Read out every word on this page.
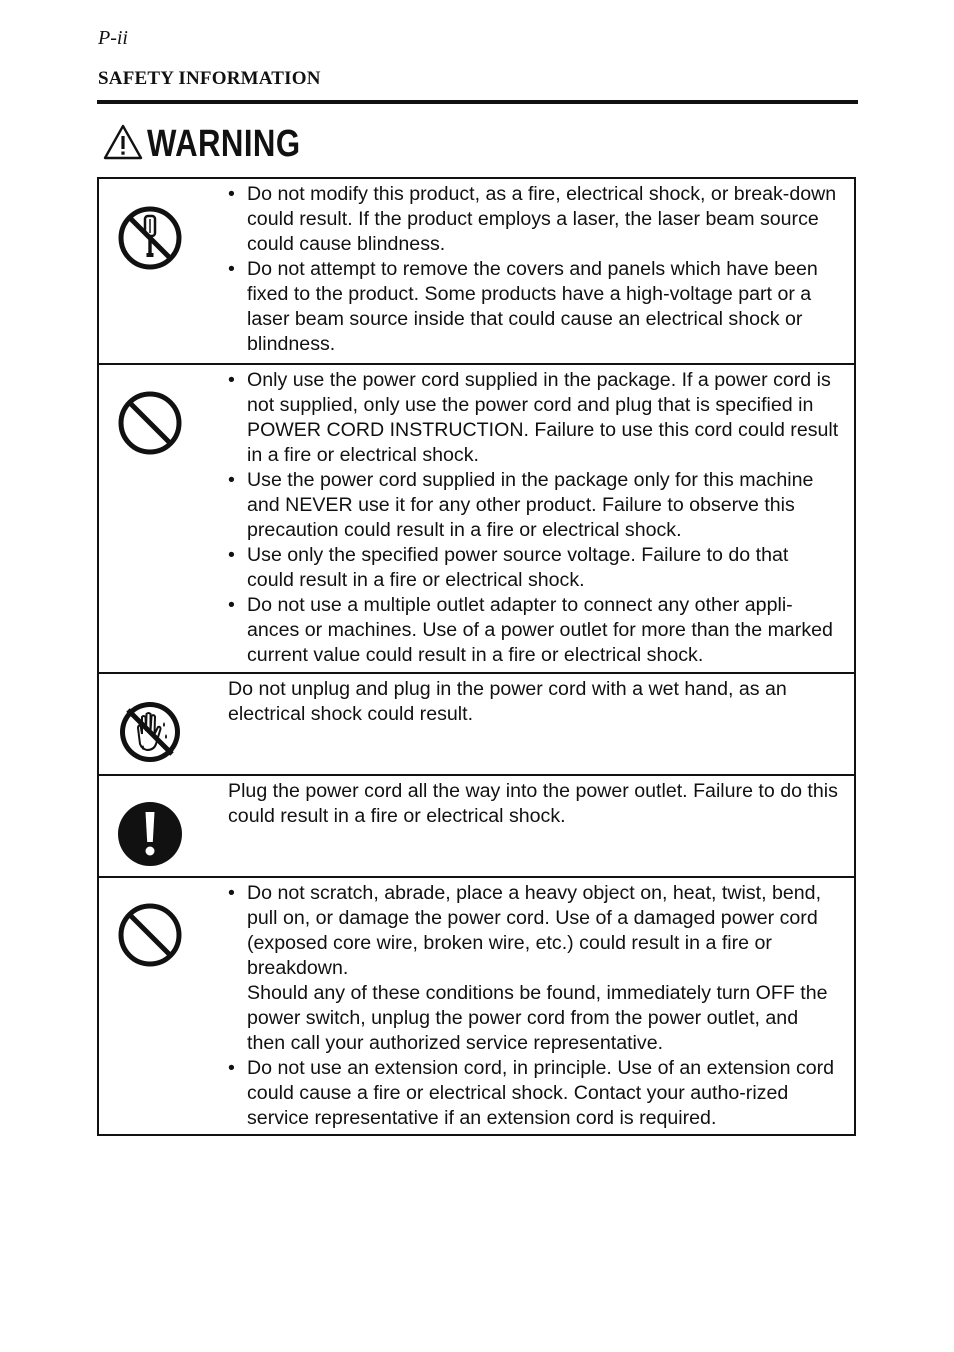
P-ii
SAFETY INFORMATION
WARNING
• Do not modify this product, as a fire, electrical shock, or break-down could result. If the product employs a laser, the laser beam source could cause blindness.
• Do not attempt to remove the covers and panels which have been fixed to the product. Some products have a high-voltage part or a laser beam source inside that could cause an electrical shock or blindness.
• Only use the power cord supplied in the package. If a power cord is not supplied, only use the power cord and plug that is specified in POWER CORD INSTRUCTION. Failure to use this cord could result in a fire or electrical shock.
• Use the power cord supplied in the package only for this machine and NEVER use it for any other product. Failure to observe this precaution could result in a fire or electrical shock.
• Use only the specified power source voltage. Failure to do that could result in a fire or electrical shock.
• Do not use a multiple outlet adapter to connect any other appli-ances or machines. Use of a power outlet for more than the marked current value could result in a fire or electrical shock.

Do not unplug and plug in the power cord with a wet hand, as an electrical shock could result.

Plug the power cord all the way into the power outlet. Failure to do this could result in a fire or electrical shock.

• Do not scratch, abrade, place a heavy object on, heat, twist, bend, pull on, or damage the power cord. Use of a damaged power cord (exposed core wire, broken wire, etc.) could result in a fire or breakdown.
Should any of these conditions be found, immediately turn OFF the power switch, unplug the power cord from the power outlet, and then call your authorized service representative.
• Do not use an extension cord, in principle. Use of an extension cord could cause a fire or electrical shock. Contact your autho-rized service representative if an extension cord is required.
